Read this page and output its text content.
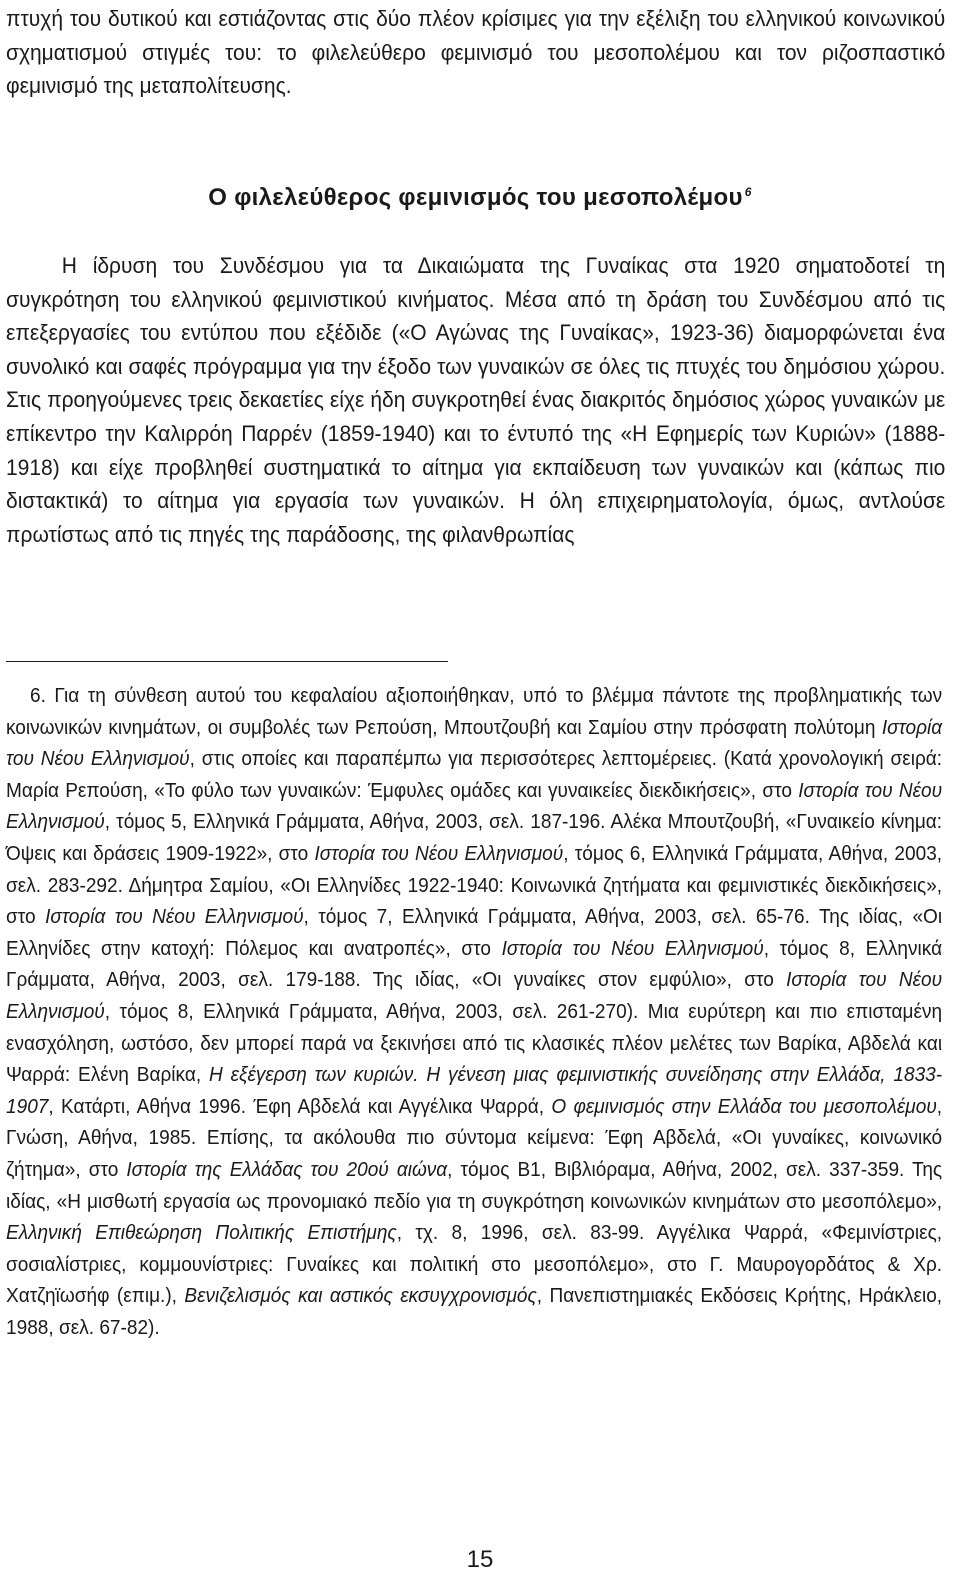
πτυχή του δυτικού και εστιάζοντας στις δύο πλέον κρίσιμες για την εξέλιξη του ελληνικού κοινωνικού σχηματισμού στιγμές του: το φιλελεύθερο φεμινισμό του μεσοπολέμου και τον ριζοσπαστικό φεμινισμό της μεταπολίτευσης.

Ο φιλελεύθερος φεμινισμός του μεσοπολέμου $^6$

Η ίδρυση του Συνδέσμου για τα Δικαιώματα της Γυναίκας στα 1920 σηματοδοτεί τη συγκρότηση του ελληνικού φεμινιστικού κινήματος. Μέσα από τη δράση του Συνδέσμου από τις επεξεργασίες του εντύπου που εξέδιδε («Ο Αγώνας της Γυναίκας», 1923-36) διαμορφώνεται ένα συνολικό και σαφές πρόγραμμα για την έξοδο των γυναικών σε όλες τις πτυχές του δημόσιου χώρου. Στις προηγούμενες τρεις δεκαετίες είχε ήδη συγκροτηθεί ένας διακριτός δημόσιος χώρος γυναικών με επίκεντρο την Καλιρρόη Παρρέν (1859-1940) και το έντυπό της «Η Εφημερίς των Κυριών» (1888-1918) και είχε προβληθεί συστηματικά το αίτημα για εκπαίδευση των γυναικών και (κάπως πιο διστακτικά) το αίτημα για εργασία των γυναικών. Η όλη επιχειρηματολογία, όμως, αντλούσε πρωτίστως από τις πηγές της παράδοσης, της φιλανθρωπίας

6. Για τη σύνθεση αυτού του κεφαλαίου αξιοποιήθηκαν, υπό το βλέμμα πάντοτε της προβληματικής των κοινωνικών κινημάτων, οι συμβολές των Ρεπούση, Μπουτζουβή και Σαμίου στην πρόσφατη πολύτομη Ιστορία του Νέου Ελληνισμού, στις οποίες και παραπέμπω για περισσότερες λεπτομέρειες. (Κατά χρονολογική σειρά: Μαρία Ρεπούση, «Το φύλο των γυναικών: Έμφυλες ομάδες και γυναικείες διεκδικήσεις», στο Ιστορία του Νέου Ελληνισμού, τόμος 5, Ελληνικά Γράμματα, Αθήνα, 2003, σελ. 187-196. Αλέκα Μπουτζουβή, «Γυναικείο κίνημα: Όψεις και δράσεις 1909-1922», στο Ιστορία του Νέου Ελληνισμού, τόμος 6, Ελληνικά Γράμματα, Αθήνα, 2003, σελ. 283-292. Δήμητρα Σαμίου, «Οι Ελληνίδες 1922-1940: Κοινωνικά ζητήματα και φεμινιστικές διεκδικήσεις», στο Ιστορία του Νέου Ελληνισμού, τόμος 7, Ελληνικά Γράμματα, Αθήνα, 2003, σελ. 65-76. Της ιδίας, «Οι Ελληνίδες στην κατοχή: Πόλεμος και ανατροπές», στο Ιστορία του Νέου Ελληνισμού, τόμος 8, Ελληνικά Γράμματα, Αθήνα, 2003, σελ. 179-188. Της ιδίας, «Οι γυναίκες στον εμφύλιο», στο Ιστορία του Νέου Ελληνισμού, τόμος 8, Ελληνικά Γράμματα, Αθήνα, 2003, σελ. 261-270). Μια ευρύτερη και πιο επισταμένη ενασχόληση, ωστόσο, δεν μπορεί παρά να ξεκινήσει από τις κλασικές πλέον μελέτες των Βαρίκα, Αβδελά και Ψαρρά: Ελένη Βαρίκα, Η εξέγερση των κυριών. Η γένεση μιας φεμινιστικής συνείδησης στην Ελλάδα, 1833-1907, Κατάρτι, Αθήνα 1996. Έφη Αβδελά και Αγγέλικα Ψαρρά, Ο φεμινισμός στην Ελλάδα του μεσοπολέμου, Γνώση, Αθήνα, 1985. Επίσης, τα ακόλουθα πιο σύντομα κείμενα: Έφη Αβδελά, «Οι γυναίκες, κοινωνικό ζήτημα», στο Ιστορία της Ελλάδας του 20ού αιώνα, τόμος Β1, Βιβλιόραμα, Αθήνα, 2002, σελ. 337-359. Της ιδίας, «Η μισθωτή εργασία ως προνομιακό πεδίο για τη συγκρότηση κοινωνικών κινημάτων στο μεσοπόλεμο», Ελληνική Επιθεώρηση Πολιτικής Επιστήμης, τχ. 8, 1996, σελ. 83-99. Αγγέλικα Ψαρρά, «Φεμινίστριες, σοσιαλίστριες, κομμουνίστριες: Γυναίκες και πολιτική στο μεσοπόλεμο», στο Γ. Μαυρογορδάτος & Χρ. Χατζηϊωσήφ (επιμ.), Βενιζελισμός και αστικός εκσυγχρονισμός, Πανεπιστημιακές Εκδόσεις Κρήτης, Ηράκλειο, 1988, σελ. 67-82).

15
